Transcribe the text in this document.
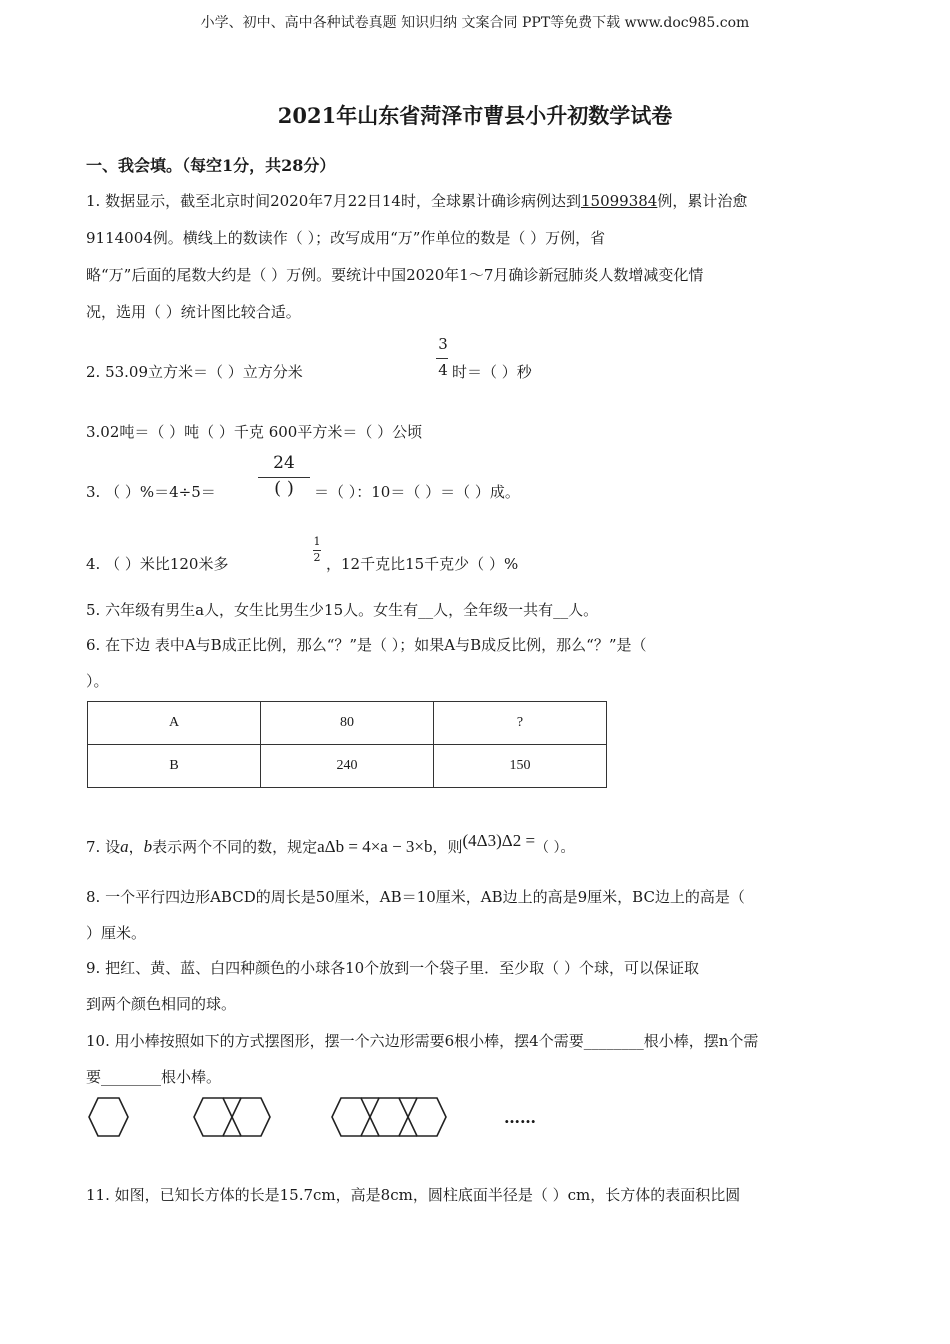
小学、初中、高中各种试卷真题 知识归纳 文案合同 PPT等免费下载 www.doc985.com
2021年山东省菏泽市曹县小升初数学试卷
一、我会填。（每空1分，共28分）
1. 数据显示，截至北京时间2020年7月22日14时，全球累计确诊病例达到15099384例，累计治愈
9114004例。横线上的数读作（ ）；改写成用“万”作单位的数是（ ）万例，省
略“万”后面的尾数大约是（ ）万例。要统计中国2020年1～7月确诊新冠肺炎人数增减变化情
况，选用（ ）统计图比较合适。
2. 53.09立方米＝（ ）立方分米
3
4 时＝（ ）秒
3.02吨＝（ ）吨（ ）千克 600平方米＝（ ）公顷
3. （ ）%＝4÷5＝
24
( )	＝（ ）：10＝（ ）＝（ ）成。
4. （ ）米比120米多
1
2 ，12千克比15千克少（ ）%
5. 六年级有男生a人，女生比男生少15人。女生有__人，全年级一共有__人。
6. 在下边 表中A与B成正比例，那么“？”是（ ）；如果A与B成反比例，那么“？”是（
）。
A	80	?
B	240	150
7. 设a，b表示两个不同的数，规定aΔb = 4×a − 3×b，则(4Δ3)Δ2 =（ ）。
8. 一个平行四边形ABCD的周长是50厘米，AB＝10厘米，AB边上的高是9厘米，BC边上的高是（
）厘米。
9. 把红、黄、蓝、白四种颜色的小球各10个放到一个袋子里．至少取（ ）个球，可以保证取
到两个颜色相同的球。
10. 用小棒按照如下的方式摆图形，摆一个六边形需要6根小棒，摆4个需要________根小棒，摆n个需
要________根小棒。
……
11. 如图，已知长方体的长是15.7cm，高是8cm，圆柱底面半径是（ ）cm，长方体的表面积比圆
